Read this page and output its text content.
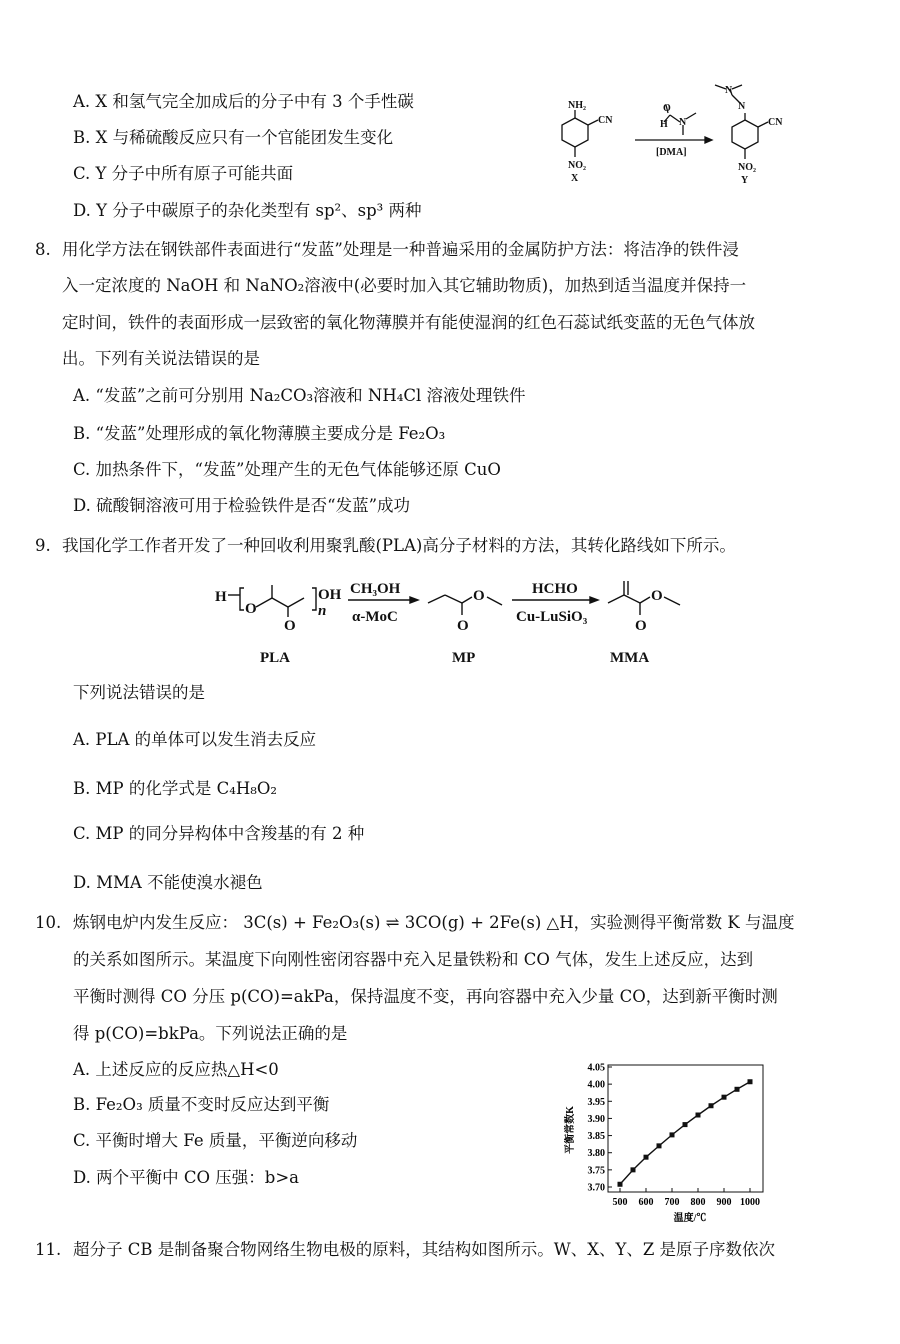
A. X 和氢气完全加成后的分子中有 3 个手性碳
B. X 与稀硫酸反应只有一个官能团发生变化
C. Y 分子中所有原子可能共面
D. Y 分子中碳原子的杂化类型有 sp²、sp³ 两种
NH₂
CN
NO₂
X
H
O
N
[DMA]
N
N
CN
NO₂
Y
8. 用化学方法在钢铁部件表面进行“发蓝”处理是一种普遍采用的金属防护方法：将洁净的铁件浸
入一定浓度的 NaOH 和 NaNO₂溶液中(必要时加入其它辅助物质)，加热到适当温度并保持一
定时间，铁件的表面形成一层致密的氧化物薄膜并有能使湿润的红色石蕊试纸变蓝的无色气体放
出。下列有关说法错误的是
A. “发蓝”之前可分别用 Na₂CO₃溶液和 NH₄Cl 溶液处理铁件
B. “发蓝”处理形成的氧化物薄膜主要成分是 Fe₂O₃
C. 加热条件下，“发蓝”处理产生的无色气体能够还原 CuO
D. 硫酸铜溶液可用于检验铁件是否“发蓝”成功
9. 我国化学工作者开发了一种回收利用聚乳酸(PLA)高分子材料的方法，其转化路线如下所示。
H
O
O
OH
n
CH₃OH
α-MoC
O
O
HCHO
Cu-LuSiO₃
O
O
PLA	MP	MMA
下列说法错误的是
A. PLA 的单体可以发生消去反应
B. MP 的化学式是 C₄H₈O₂
C. MP 的同分异构体中含羧基的有 2 种
D. MMA 不能使溴水褪色
10. 炼钢电炉内发生反应： 3C(s) + Fe₂O₃(s) ⇌ 3CO(g) + 2Fe(s) △H，实验测得平衡常数 K 与温度
的关系如图所示。某温度下向刚性密闭容器中充入足量铁粉和 CO 气体，发生上述反应，达到
平衡时测得 CO 分压 p(CO)=akPa，保持温度不变，再向容器中充入少量 CO，达到新平衡时测
得 p(CO)=bkPa。下列说法正确的是
A. 上述反应的反应热△H<0
B. Fe₂O₃ 质量不变时反应达到平衡
C. 平衡时增大 Fe 质量，平衡逆向移动
D. 两个平衡中 CO 压强：b>a
3.70
3.75
3.80
3.85
3.90
3.95
4.00
4.05
500 600 700 800 900 1000
温度/℃
平衡常数K
11. 超分子 CB 是制备聚合物网络生物电极的原料，其结构如图所示。W、X、Y、Z 是原子序数依次
